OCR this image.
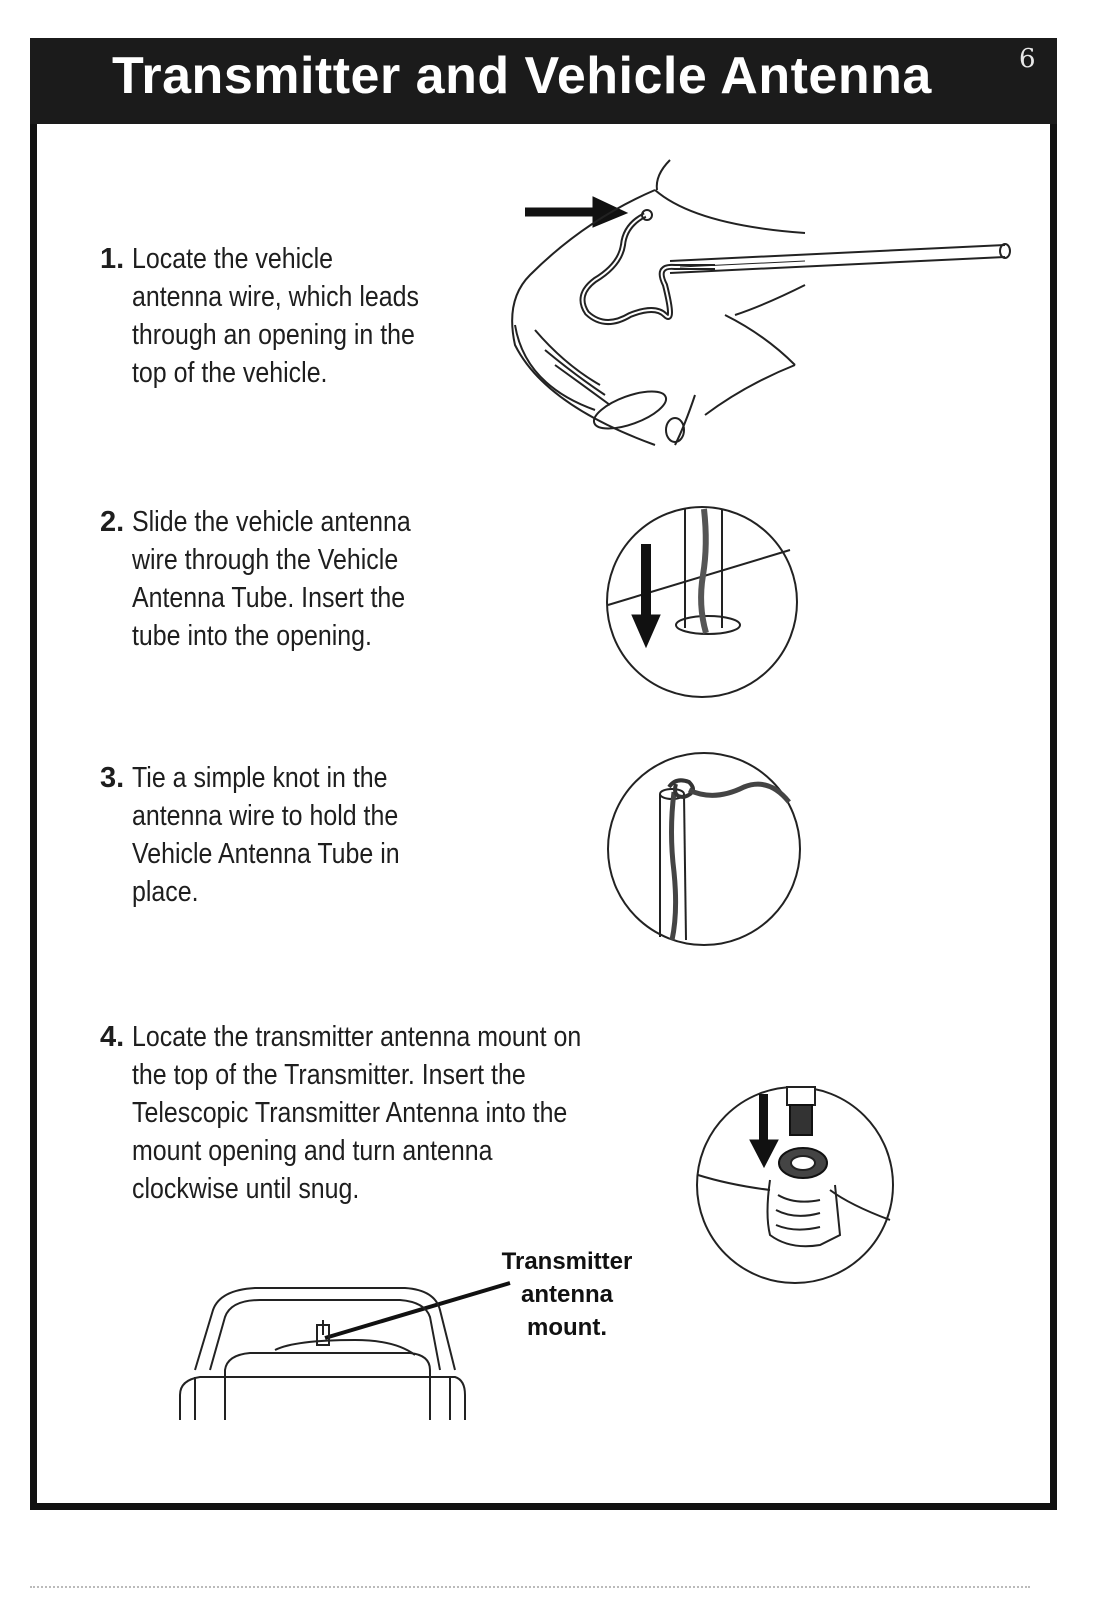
Transmitter and Vehicle Antenna	6
1. Locate the vehicle
antenna wire, which leads
through an opening in the
top of the vehicle.
2. Slide the vehicle antenna
wire through the Vehicle
Antenna Tube. Insert the
tube into the opening.
3. Tie a simple knot in the
antenna wire to hold the
Vehicle Antenna Tube in
place.
4. Locate the transmitter antenna mount on
the top of the Transmitter. Insert the
Telescopic Transmitter Antenna into the
mount opening and turn antenna
clockwise until snug.
Transmitter
antenna
mount.
